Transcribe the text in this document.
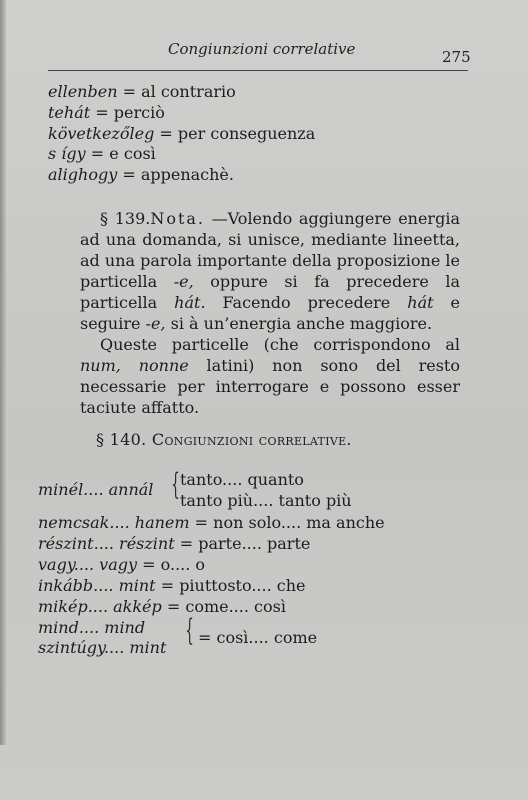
Congiunzioni correlative	275
ellenben = al contrario
tehát = perciò
következőleg = per conseguenza
s így = e così
alighogy = appenachè.

§ 139.Nota. —Volendo aggiungere energia ad una domanda, si unisce, mediante lineetta, ad una parola importante della proposizione le particella -e, oppure si fa precedere la particella hát. Facendo precedere hát e seguire -e, si à un’energia anche maggiore.

Queste particelle (che corrispondono al num, nonne latini) non sono del resto necessarie per interrogare e possono esser taciute affatto.

§ 140. Congiunzioni correlative.
minél.... annál { tanto.... quanto
tanto più.... tanto più
nemcsak.... hanem = non solo.... ma anche
részint.... részint = parte.... parte
vagy.... vagy = o.... o
inkább.... mint = piuttosto.... che
mikép.... akkép = come.... così
mind.... mind
szintúgy.... mint } = così.... come
